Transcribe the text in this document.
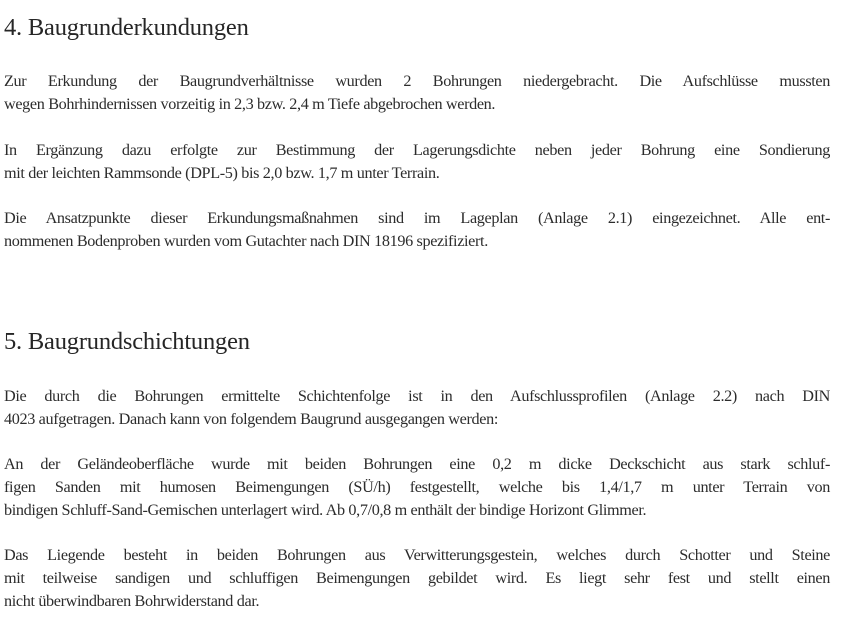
4. Baugrunderkundungen

Zur Erkundung der Baugrundverhältnisse wurden 2 Bohrungen niedergebracht. Die Aufschlüsse mussten
wegen Bohrhindernissen vorzeitig in 2,3 bzw. 2,4 m Tiefe abgebrochen werden.

In Ergänzung dazu erfolgte zur Bestimmung der Lagerungsdichte neben jeder Bohrung eine Sondierung
mit der leichten Rammsonde (DPL-5) bis 2,0 bzw. 1,7 m unter Terrain.

Die Ansatzpunkte dieser Erkundungsmaßnahmen sind im Lageplan (Anlage 2.1) eingezeichnet. Alle ent-
nommenen Bodenproben wurden vom Gutachter nach DIN 18196 spezifiziert.

5. Baugrundschichtungen

Die durch die Bohrungen ermittelte Schichtenfolge ist in den Aufschlussprofilen (Anlage 2.2) nach DIN
4023 aufgetragen. Danach kann von folgendem Baugrund ausgegangen werden:

An der Geländeoberfläche wurde mit beiden Bohrungen eine 0,2 m dicke Deckschicht aus stark schluf-
figen Sanden mit humosen Beimengungen (SÜ/h) festgestellt, welche bis 1,4/1,7 m unter Terrain von
bindigen Schluff-Sand-Gemischen unterlagert wird. Ab 0,7/0,8 m enthält der bindige Horizont Glimmer.

Das Liegende besteht in beiden Bohrungen aus Verwitterungsgestein, welches durch Schotter und Steine
mit teilweise sandigen und schluffigen Beimengungen gebildet wird. Es liegt sehr fest und stellt einen
nicht überwindbaren Bohrwiderstand dar.
